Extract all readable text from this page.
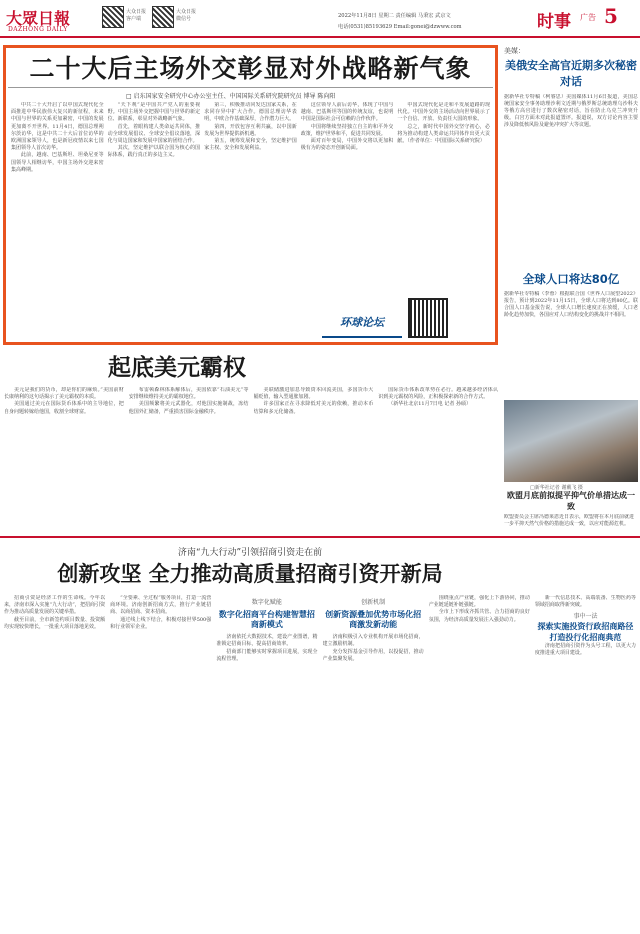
大眾日報
DAZHONG DAILY
大众日报客户端
大众日报微信号	2022年11月8日 星期二 责任编辑 马秉宏 武京文
电话(0531)85193629 Email:gonei@dzwww.com	时事 广告 5
二十大后主场外交彰显对外战略新气象
□ 启东国家安全研究中心办公室主任、中国国际关系研究院研究员 博导 陈向阳
中共二十大开启了以中国式现代化全面推进中华民族伟大复兴的新征程，未来中国与世界的关系更加紧密，中国的发展更加离不开世界。11月4日，德国总理朔尔茨访华，这是中共二十大后首位访华的欧洲国家领导人，也是新冠疫情以来七国集团领导人首次访华。
此前，越南、巴基斯坦、坦桑尼亚等国领导人相继访华，中国主场外交迎来密集高峰期。
“天下观”是中国共产党人的重要视野。中国主场外交把握中国与世界的新定位、新联系，彰显对外战略新气象。
首先，着眼构建人类命运共同体，推动全球发展倡议、全球安全倡议落地，深化与周边国家和发展中国家的团结合作。
其次，坚定维护以联合国为核心的国际体系，践行真正的多边主义。
第三，积极推动同发达国家关系，在求同存异中扩大合作。德国总理访华表明，中欧合作基础深厚，合作潜力巨大。
第四，开放包容互利共赢，以中国新发展为世界提供新机遇。
第五，统筹发展和安全，坚定维护国家主权、安全和发展利益。
这位领导人前后访华，体现了中国与越南、巴基斯坦等国的传统友谊，也说明中国是国际社会可信赖的合作伙伴。
中国将继续坚持独立自主的和平外交政策，维护世界和平，促进共同发展。
面对百年变局，中国外交将以更加积极有为的姿态开创新局面。
中国式现代化是走和平发展道路的现代化。中国外交的主场活动向世界展示了一个自信、开放、负责任大国的形象。
总之，新时代中国外交坚守初心，必将为推动构建人类命运共同体作出更大贡献。（作者单位：中国国际关系研究院）
环球论坛
美媒：
美俄安全高官近期多次秘密对话
据新华社专特稿（柯睿思）美国媒体11月6日报道，美国总统国家安全事务助理沙利文近期与俄罗斯总统助理乌沙科夫等俄方高官进行了数次秘密对话，旨在防止乌克兰冲突升级。白宫方面未对此报道置评。报道说，双方讨论内容主要涉及降低核风险及避免冲突扩大等议题。
全球人口将达80亿
据新华社专特稿（李蓉）根据联合国《世界人口展望2022》报告，预计到2022年11月15日，全球人口将达到80亿。联合国人口基金报告说，全球人口增长速度正在放缓，人口老龄化趋势加快，各国应对人口结构变化的挑战并不相同。
□新华社记者 谢戴飞 摄
欧盟月底前拟提平抑气价单措达成一致
欧盟委员会主席冯德莱恩近日表示，欧盟将在本月底前就进一步平抑天然气价格的措施达成一致，以应对能源危机。
起底美元霸权
美元是我们的货币，却是你们的麻烦。”美国前财长康纳利的这句话揭示了美元霸权的本质。
美国通过美元在国际货币体系中的主导地位，把自身问题转嫁给他国，收割全球财富。
布雷顿森林体系解体后，美国依靠“石油美元”等安排继续维持美元的霸权地位。
美国频繁将美元武器化，对他国实施制裁，冻结他国外汇储备，严重损害国际金融秩序。
美联储激进加息导致资本回流美国，多国货币大幅贬值，输入型通胀加剧。
许多国家正在寻求降低对美元的依赖，推动本币结算和多元化储备。
国际货币体系改革势在必行。越来越多经济体认识到美元霸权的风险，正积极探索新的合作方式。
（新华社北京11月7日电 记者 孙硕）
济南“九大行动”引领招商引资走在前
创新攻坚 全力推动高质量招商引资开新局
招商引资是经济工作的生命线。今年以来，济南市深入实施“九大行动”，把招商引资作为推动高质量发展的关键举措。
截至目前，全市新签约项目数量、投资额均实现较快增长，一批重大项目落地见效。
“全要素、全过程”服务项目，打造一流营商环境。济南创新招商方式，推行产业链招商、以商招商、资本招商。
通过线上线下结合，积极对接世界500强和行业领军企业。
数字化赋能
数字化招商平台构建智慧招商新模式
济南依托大数据技术，建设产业图谱，精准锁定招商目标，提高招商效率。
招商部门能够实时掌握项目进展，实现全流程管理。
创新机制
创新资源叠加优势市场化招商激发新动能
济南积极引入专业机构开展市场化招商，建立激励机制。
充分发挥基金引导作用，以投促招，推动产业集聚发展。
围绕重点产业链，强化上下游协同，推动产业链延链补链强链。
全市上下形成齐抓共管、合力招商的良好氛围，为经济高质量发展注入强劲动力。
新一代信息技术、高端装备、生物医药等领域招商取得新突破。
事中一法
探索实施投资行政招商路径打造投行化招商典范
济南把招商引资作为头号工程，以更大力度推进重大项目建设。
